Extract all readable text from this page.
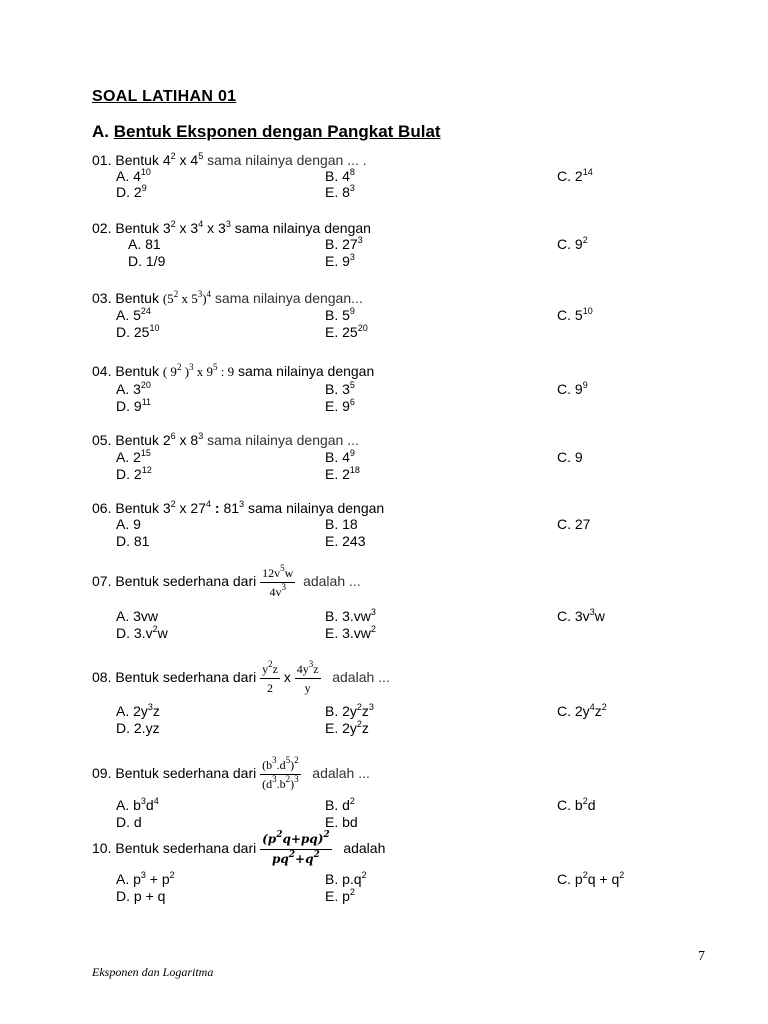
SOAL LATIHAN 01
A. Bentuk Eksponen dengan Pangkat Bulat
01. Bentuk $4^2$ x $4^5$ sama nilainya dengan ... .
A. $4^{10}$	B. $4^8$	C. $2^{14}$
D. $2^9$	E. $8^3$
02. Bentuk $3^2$ x $3^4$ x $3^3$ sama nilainya dengan
A. 81	B. $27^3$	C. $9^2$
D. 1/9	E. $9^3$
03. Bentuk ($5^2$ x $5^3)^4$ sama nilainya dengan...
A. $5^{24}$	B. $5^9$	C. $5^{10}$
D. $25^{10}$	E. $25^{20}$
04. Bentuk ( $9^2$ )$^3$ x $9^5$ : 9 sama nilainya dengan
A. $3^{20}$	B. $3^5$	C. $9^9$
D. $9^{11}$	E. $9^6$
05. Bentuk $2^6$ x $8^3$ sama nilainya dengan ...
A. $2^{15}$	B. $4^9$	C. 9
D. $2^{12}$	E. $2^{18}$
06. Bentuk $3^2$ x $27^4$ : $81^3$ sama nilainya dengan
A. 9	B. 18	C. 27
D. 81	E. 243
07. Bentuk sederhana dari $\frac{12v^5w}{4v^3}$ adalah ...
A. 3vw	B. $3.vw^3$	C. $3v^3w$
D. $3.v^2w$	E. $3.vw^2$
08. Bentuk sederhana dari $\frac{y^2z}{2}$ x $\frac{4y^3z}{y}$ adalah ...
A. $2y^3z$	B. $2y^2z^3$	C. $2y^4z^2$
D. 2.yz	E. $2y^2z$
09. Bentuk sederhana dari $\frac{(b^3.d^5)^2}{(d^3.b^2)^3}$ adalah ...
A. $b^3d^4$	B. $d^2$	C. $b^2d$
D. d	E. bd
10. Bentuk sederhana dari $\frac{(p^2q+pq)^2}{pq^2+q^2}$ adalah
A. $p^3 + p^2$	B. $p.q^2$	C. $p^2q + q^2$
D. p + q	E. $p^2$
7
Eksponen dan Logaritma
